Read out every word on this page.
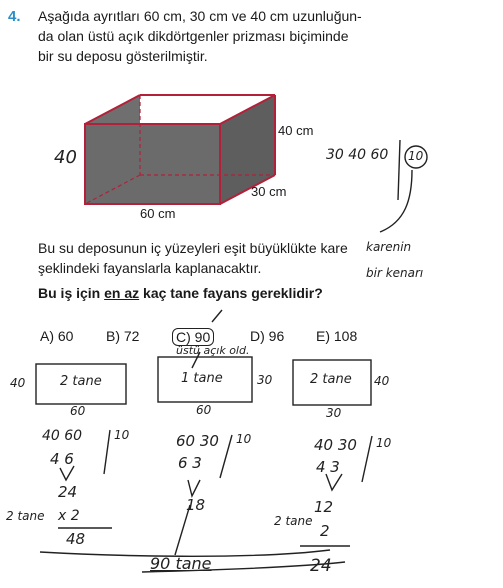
4. Aşağıda ayrıtları 60 cm, 30 cm ve 40 cm uzunluğun-
da olan üstü açık dikdörtgenler prizması biçiminde
bir su deposu gösterilmiştir.
40
40 cm
30 cm
60 cm
30 40 60 10
karenin
bir kenarı
Bu su deposunun iç yüzeyleri eşit büyüklükte kare
şeklindeki fayanslarla kaplanacaktır.
Bu iş için en az kaç tane fayans gereklidir?
A) 60 B) 72	C) 90	D) 96 E) 108
üstü açık old.
40	2 tane
60
1 tane	30
60
2 tane 40
30
40 60	10
4 6
24
2 tane x 2
48
60 30 10
6 3
18
40 30 10
4 3
12
2 tane
2
24
90 tane
